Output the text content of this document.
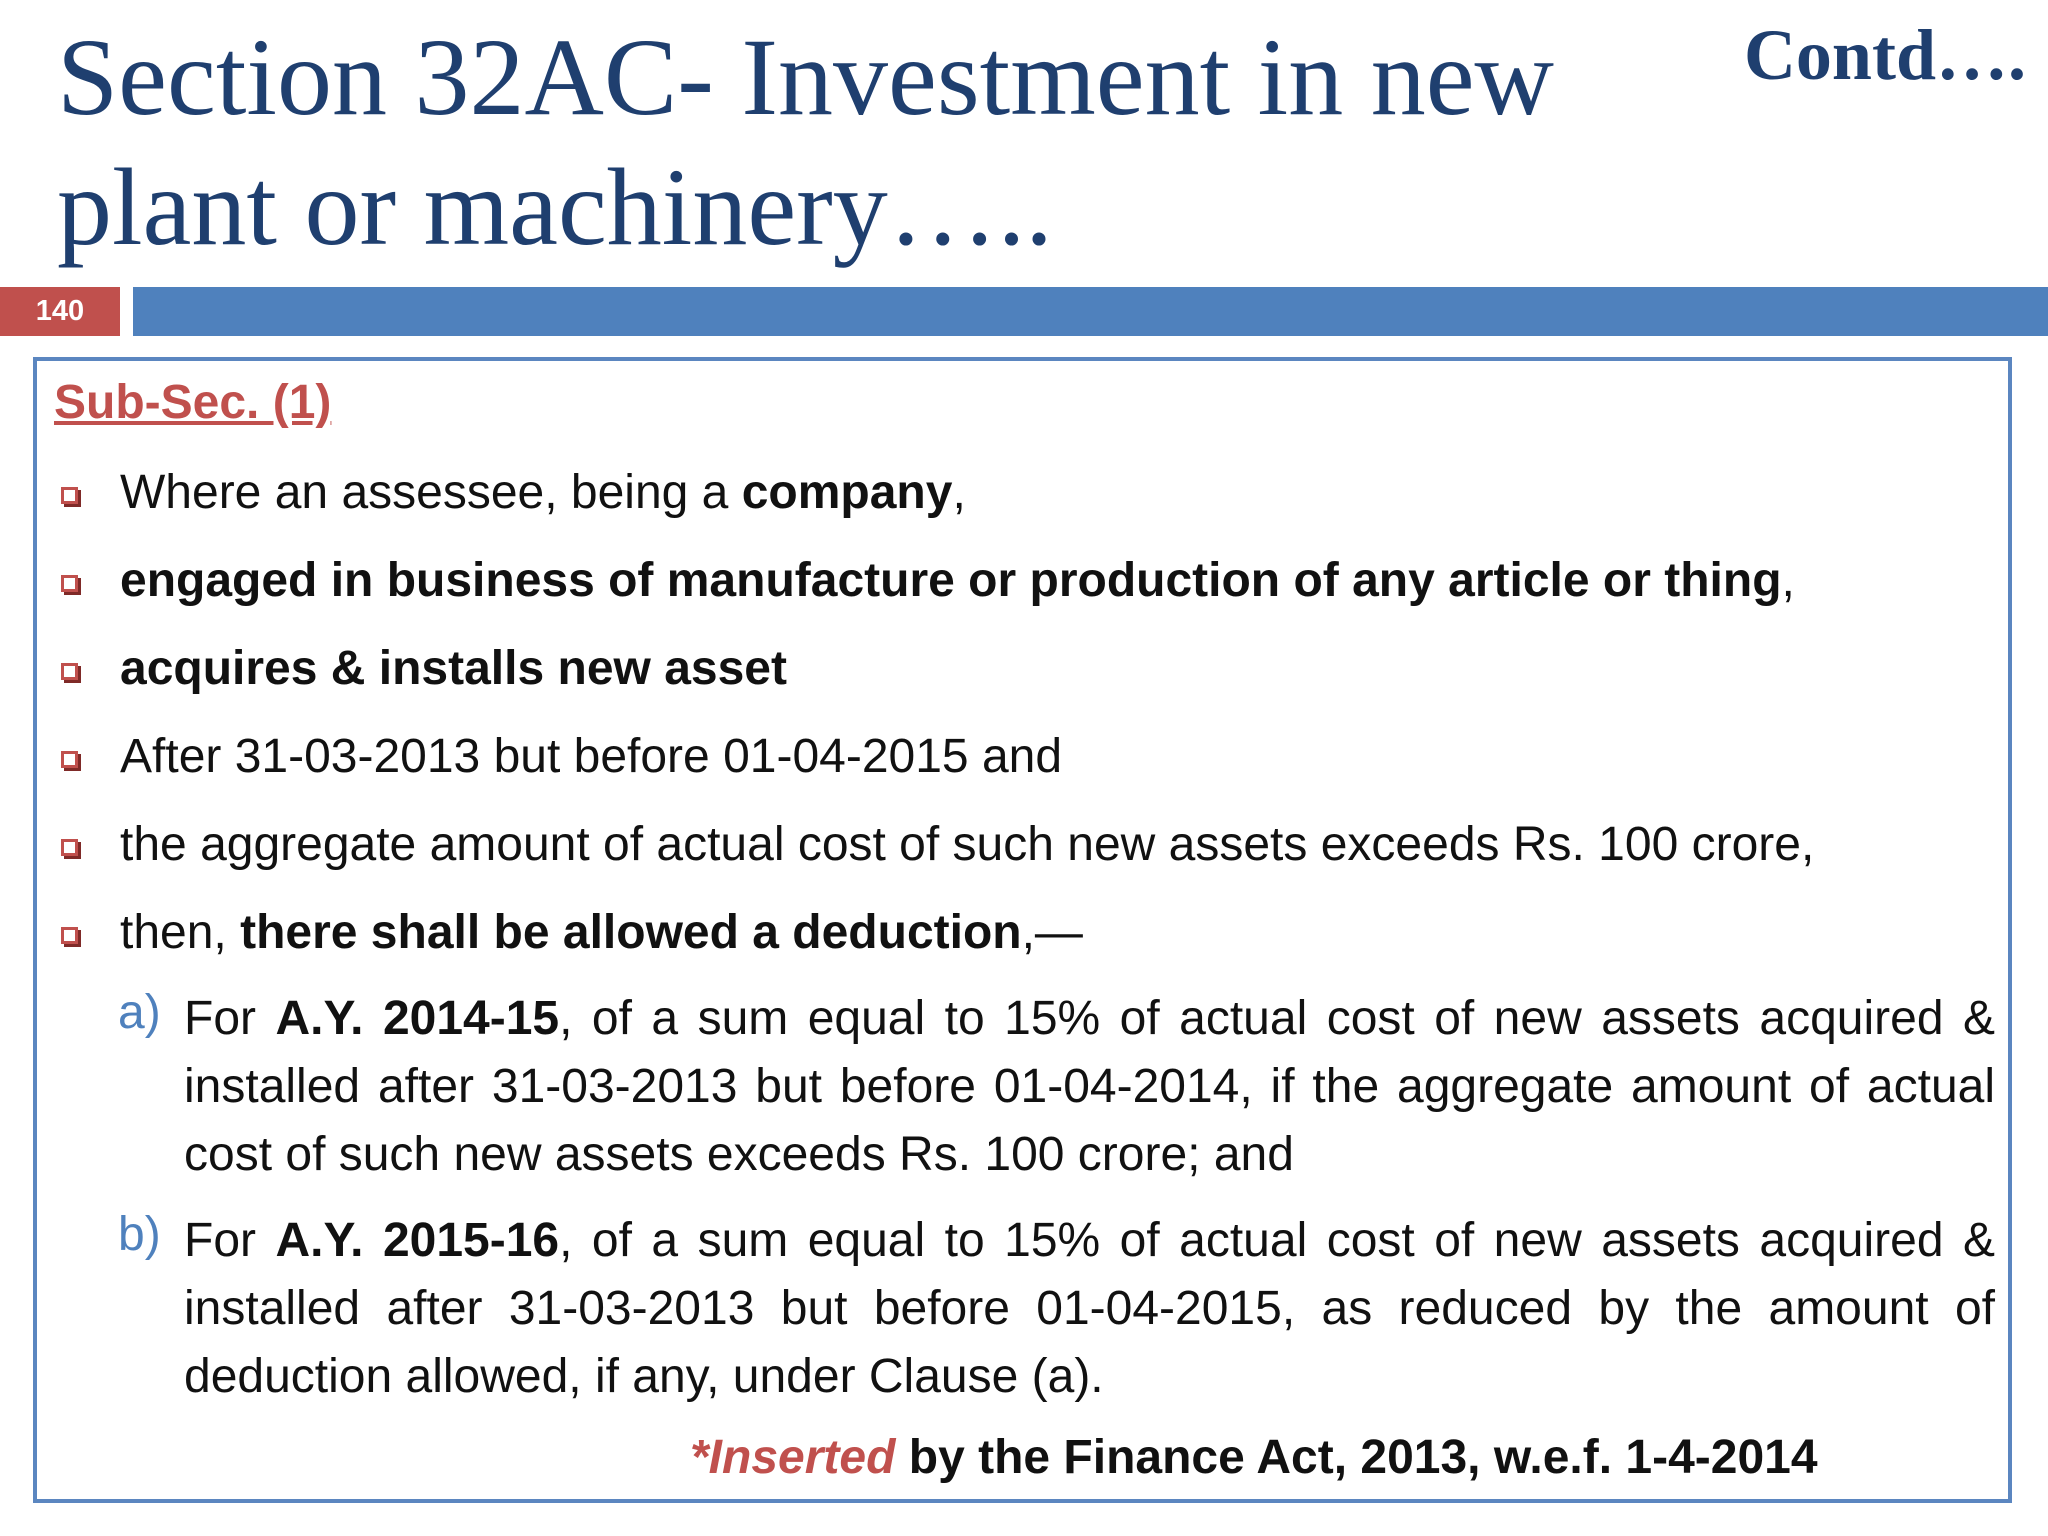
Section 32AC- Investment in new
plant or machinery…..
Contd….
140
Sub-Sec. (1)
Where an assessee, being a company,
engaged in business of manufacture or production of any article or thing,
acquires & installs new asset
After 31-03-2013 but before 01-04-2015 and
the aggregate amount of actual cost of such new assets exceeds Rs. 100 crore,
then, there shall be allowed a deduction,—
a) For A.Y. 2014-15, of a sum equal to 15% of actual cost of new assets acquired & installed after 31-03-2013 but before 01-04-2014, if the aggregate amount of actual cost of such new assets exceeds Rs. 100 crore; and
b) For A.Y. 2015-16, of a sum equal to 15% of actual cost of new assets acquired & installed after 31-03-2013 but before 01-04-2015, as reduced by the amount of deduction allowed, if any, under Clause (a).
*Inserted by the Finance Act, 2013, w.e.f. 1-4-2014
